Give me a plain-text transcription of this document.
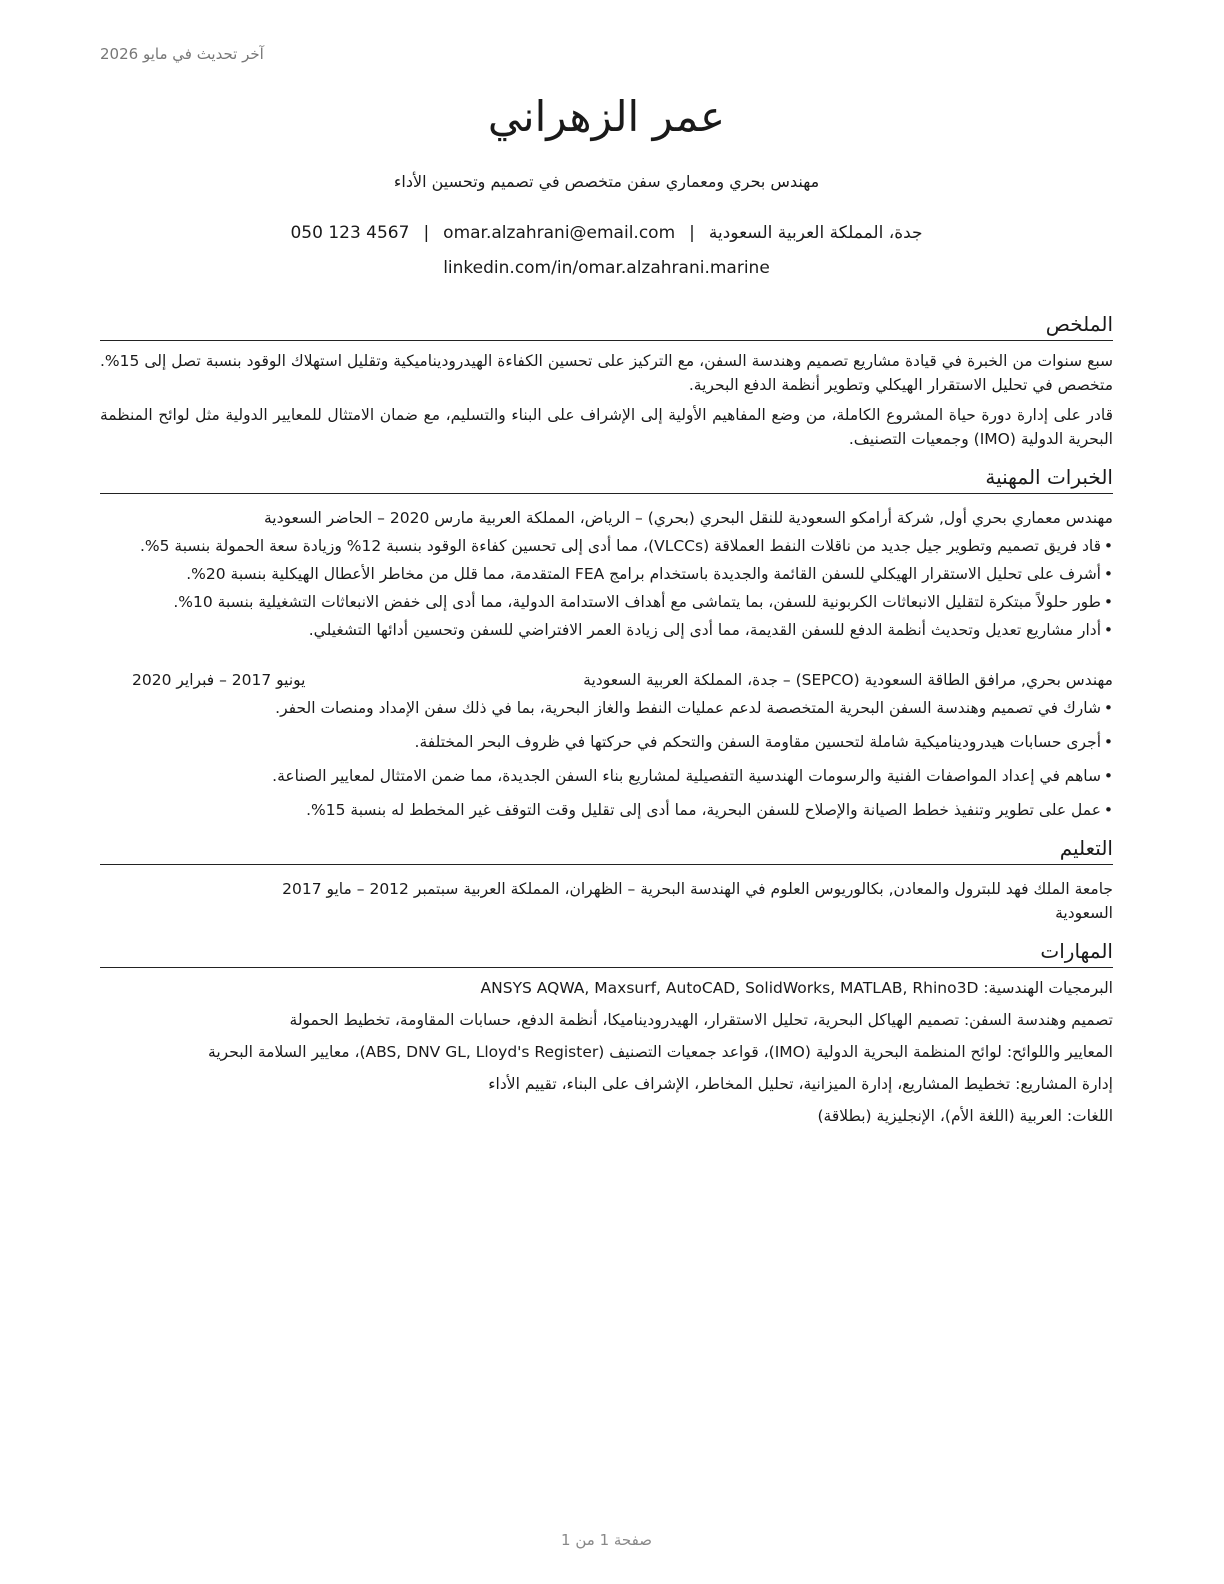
آخر تحديث في مايو 2026
عمر الزهراني
مهندس بحري ومعماري سفن متخصص في تصميم وتحسين الأداء
جدة، المملكة العربية السعودية|omar.alzahrani@email.com|050 123 4567
linkedin.com/in/omar.alzahrani.marine
الملخص

سبع سنوات من الخبرة في قيادة مشاريع تصميم وهندسة السفن، مع التركيز على تحسين الكفاءة الهيدروديناميكية وتقليل استهلاك الوقود بنسبة تصل إلى 15%. متخصص في تحليل الاستقرار الهيكلي وتطوير أنظمة الدفع البحرية.

قادر على إدارة دورة حياة المشروع الكاملة، من وضع المفاهيم الأولية إلى الإشراف على البناء والتسليم، مع ضمان الامتثال للمعايير الدولية مثل لوائح المنظمة البحرية الدولية (IMO) وجمعيات التصنيف.

الخبرات المهنية
مهندس معماري بحري أول, شركة أرامكو السعودية للنقل البحري (بحري) – الرياض، المملكة العربية مارس 2020 – الحاضر السعودية
• قاد فريق تصميم وتطوير جيل جديد من ناقلات النفط العملاقة (VLCCs)، مما أدى إلى تحسين كفاءة الوقود بنسبة 12% وزيادة سعة الحمولة بنسبة 5%.
• أشرف على تحليل الاستقرار الهيكلي للسفن القائمة والجديدة باستخدام برامج FEA المتقدمة، مما قلل من مخاطر الأعطال الهيكلية بنسبة 20%.
• طور حلولاً مبتكرة لتقليل الانبعاثات الكربونية للسفن، بما يتماشى مع أهداف الاستدامة الدولية، مما أدى إلى خفض الانبعاثات التشغيلية بنسبة 10%.
• أدار مشاريع تعديل وتحديث أنظمة الدفع للسفن القديمة، مما أدى إلى زيادة العمر الافتراضي للسفن وتحسين أدائها التشغيلي.
مهندس بحري, مرافق الطاقة السعودية (SEPCO) – جدة، المملكة العربية السعودية
يونيو 2017 – فبراير 2020
• شارك في تصميم وهندسة السفن البحرية المتخصصة لدعم عمليات النفط والغاز البحرية، بما في ذلك سفن الإمداد ومنصات الحفر.
• أجرى حسابات هيدروديناميكية شاملة لتحسين مقاومة السفن والتحكم في حركتها في ظروف البحر المختلفة.
• ساهم في إعداد المواصفات الفنية والرسومات الهندسية التفصيلية لمشاريع بناء السفن الجديدة، مما ضمن الامتثال لمعايير الصناعة.
• عمل على تطوير وتنفيذ خطط الصيانة والإصلاح للسفن البحرية، مما أدى إلى تقليل وقت التوقف غير المخطط له بنسبة 15%.
التعليم
جامعة الملك فهد للبترول والمعادن, بكالوريوس العلوم في الهندسة البحرية – الظهران، المملكة العربية سبتمبر 2012 – مايو 2017 السعودية
المهارات

البرمجيات الهندسية: ANSYS AQWA, Maxsurf, AutoCAD, SolidWorks, MATLAB, Rhino3D

تصميم وهندسة السفن: تصميم الهياكل البحرية، تحليل الاستقرار، الهيدروديناميكا، أنظمة الدفع، حسابات المقاومة، تخطيط الحمولة

المعايير واللوائح: لوائح المنظمة البحرية الدولية (IMO)، قواعد جمعيات التصنيف (ABS, DNV GL, Lloyd's Register)، معايير السلامة البحرية

إدارة المشاريع: تخطيط المشاريع، إدارة الميزانية، تحليل المخاطر، الإشراف على البناء، تقييم الأداء

اللغات: العربية (اللغة الأم)، الإنجليزية (بطلاقة)

صفحة 1 من 1
